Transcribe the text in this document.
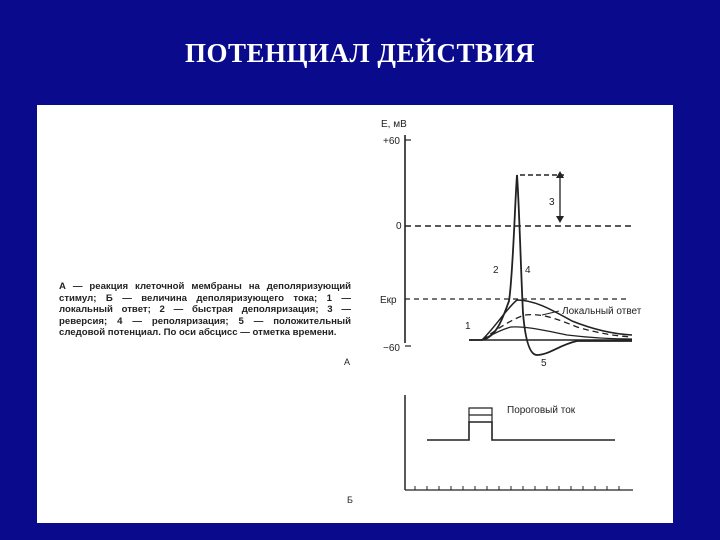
ПОТЕНЦИАЛ ДЕЙСТВИЯ
А — реакция клеточной мембраны на деполяризующий стимул; Б — величина деполяризующего тока; 1 — локальный ответ; 2 — быстрая деполяризация; 3 — реверсия; 4 — реполяризация; 5 — положительный следовой потенциал. По оси абсцисс — отметка времени.
Е, мВ
+60
0
Екр
−60
А
1
2
3
4
5
Локальный ответ
Пороговый ток
Б
